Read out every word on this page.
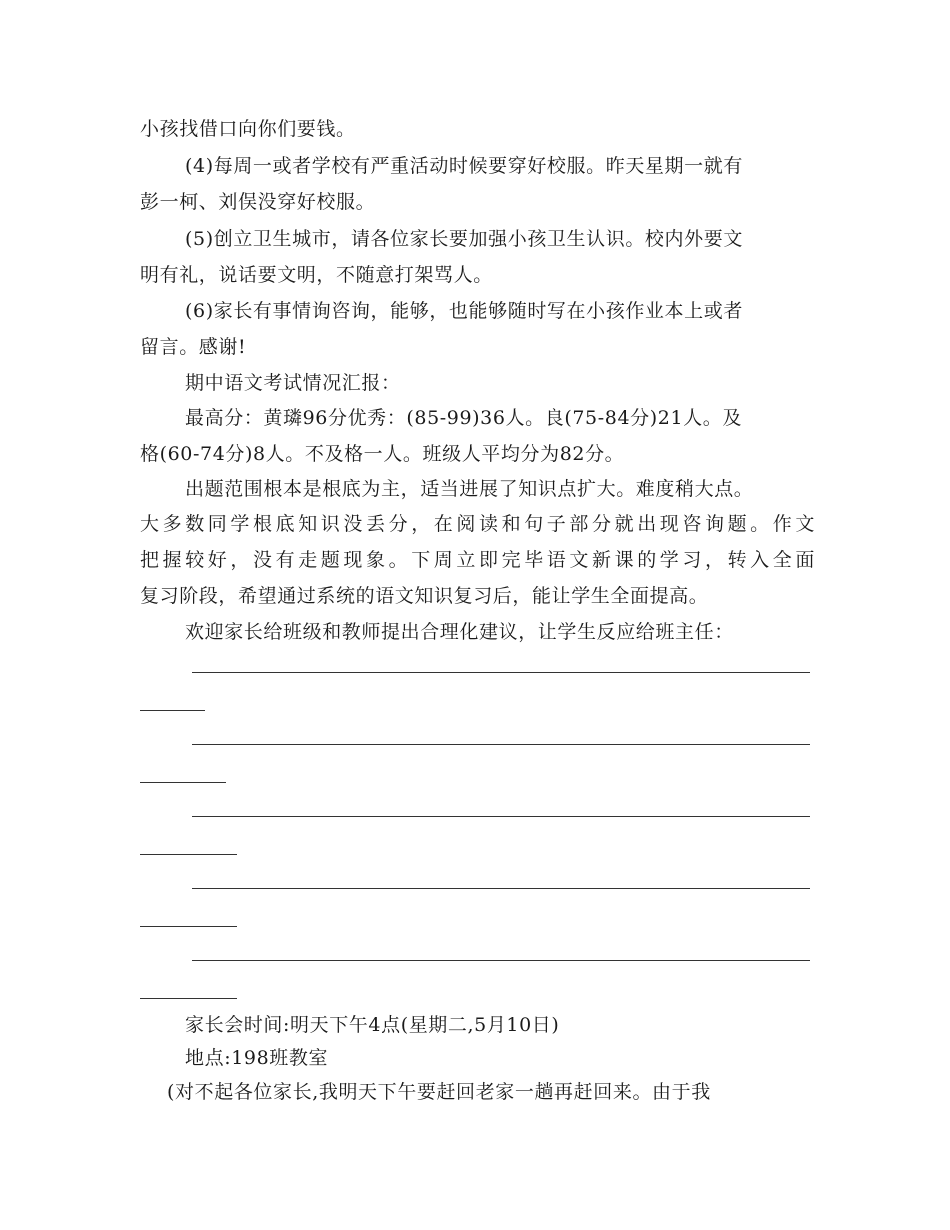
小孩找借口向你们要钱。
(4)每周一或者学校有严重活动时候要穿好校服。昨天星期一就有
彭一柯、刘俣没穿好校服。
(5)创立卫生城市，请各位家长要加强小孩卫生认识。校内外要文
明有礼，说话要文明，不随意打架骂人。
(6)家长有事情询咨询，能够，也能够随时写在小孩作业本上或者
留言。感谢!
期中语文考试情况汇报：
最高分：黄璘96分优秀：(85-99)36人。良(75-84分)21人。及
格(60-74分)8人。不及格一人。班级人平均分为82分。
出题范围根本是根底为主，适当进展了知识点扩大。难度稍大点。
大多数同学根底知识没丢分，在阅读和句子部分就出现咨询题。作文
把握较好，没有走题现象。下周立即完毕语文新课的学习，转入全面
复习阶段，希望通过系统的语文知识复习后，能让学生全面提高。
欢迎家长给班级和教师提出合理化建议，让学生反应给班主任：
家长会时间:明天下午4点(星期二,5月10日)
地点:198班教室
(对不起各位家长,我明天下午要赶回老家一趟再赶回来。由于我
